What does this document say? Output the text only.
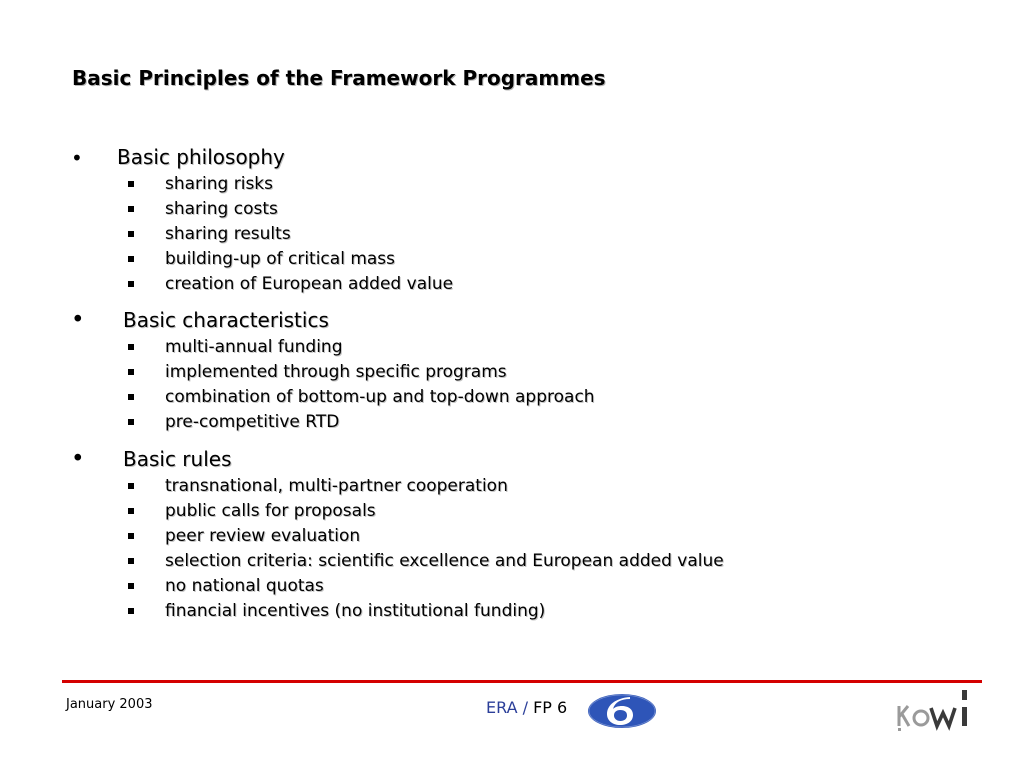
Basic Principles of the Framework Programmes
• Basic philosophy
sharing risks
sharing costs
sharing results
building-up of critical mass
creation of European added value
• Basic characteristics
multi-annual funding
implemented through specific programs
combination of bottom-up and top-down approach
pre-competitive RTD
• Basic rules
transnational, multi-partner cooperation
public calls for proposals
peer review evaluation
selection criteria: scientific excellence and European added value
no national quotas
financial incentives (no institutional funding)
January 2003	ERA / FP 6
